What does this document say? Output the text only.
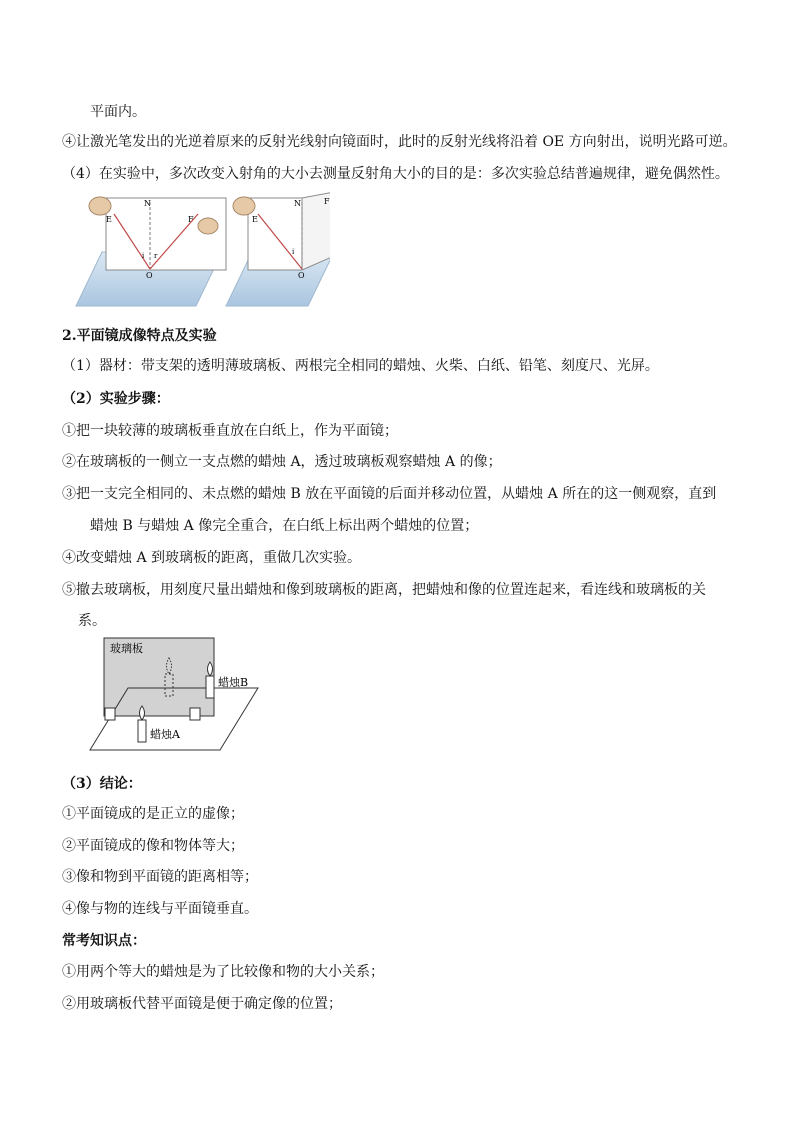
平面内。
④让激光笔发出的光逆着原来的反射光线射向镜面时，此时的反射光线将沿着 OE 方向射出，说明光路可逆。
（4）在实验中，多次改变入射角的大小去测量反射角大小的目的是：多次实验总结普遍规律，避免偶然性。
E
N
F
O
i r
E
N	F
O
i
2.平面镜成像特点及实验
（1）器材：带支架的透明薄玻璃板、两根完全相同的蜡烛、火柴、白纸、铅笔、刻度尺、光屏。
（2）实验步骤：
①把一块较薄的玻璃板垂直放在白纸上，作为平面镜；
②在玻璃板的一侧立一支点燃的蜡烛 A，透过玻璃板观察蜡烛 A 的像；
③把一支完全相同的、未点燃的蜡烛 B 放在平面镜的后面并移动位置，从蜡烛 A 所在的这一侧观察，直到
蜡烛 B 与蜡烛 A 像完全重合，在白纸上标出两个蜡烛的位置；
④改变蜡烛 A 到玻璃板的距离，重做几次实验。
⑤撤去玻璃板，用刻度尺量出蜡烛和像到玻璃板的距离，把蜡烛和像的位置连起来，看连线和玻璃板的关
系。
玻璃板
蜡烛B
蜡烛A
（3）结论：
①平面镜成的是正立的虚像；
②平面镜成的像和物体等大；
③像和物到平面镜的距离相等；
④像与物的连线与平面镜垂直。
常考知识点：
①用两个等大的蜡烛是为了比较像和物的大小关系；
②用玻璃板代替平面镜是便于确定像的位置；
